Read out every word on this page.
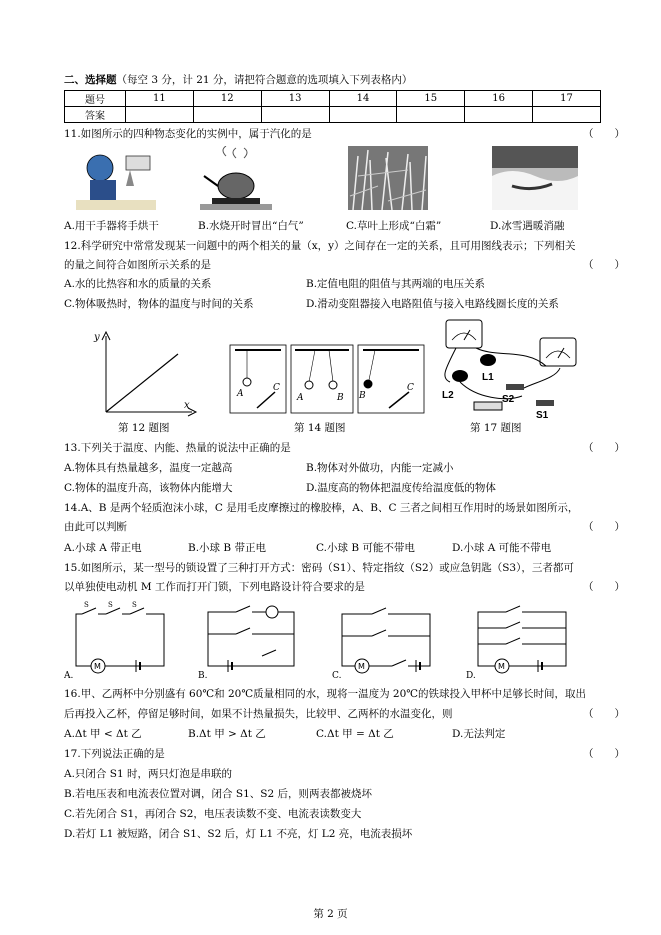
二、选择题（每空 3 分，计 21 分，请把符合题意的选项填入下列表格内）
题号	11	12	13	14	15	16	17
答案							
11.如图所示的四种物态变化的实例中，属于汽化的是	（　　）
A.用干手器将手烘干	B.水烧开时冒出“白气”	C.草叶上形成“白霜”	D.冰雪遇暖消融
12.科学研究中常常发现某一问题中的两个相关的量（x，y）之间存在一定的关系，且可用图线表示；下列相关
的量之间符合如图所示关系的是	（　　）
A.水的比热容和水的质量的关系	B.定值电阻的阻值与其两端的电压关系
C.物体吸热时，物体的温度与时间的关系	D.滑动变阻器接入电路阻值与接入电路线圈长度的关系
y
x
第 12 题图
A
C
A	B B
C
第 14 题图
L2
L1
S2
S1
第 17 题图
13.下列关于温度、内能、热量的说法中正确的是	（　　）
A.物体具有热量越多，温度一定越高	B.物体对外做功，内能一定减小
C.物体的温度升高，该物体内能增大	D.温度高的物体把温度传给温度低的物体
14.A、B 是两个轻质泡沫小球，C 是用毛皮摩擦过的橡胶棒，A、B、C 三者之间相互作用时的场景如图所示，
由此可以判断	（　　）
A.小球 A 带正电	B.小球 B 带正电	C.小球 B 可能不带电	D.小球 A 可能不带电
15.如图所示，某一型号的锁设置了三种打开方式：密码（S1）、特定指纹（S2）或应急钥匙（S3），三者都可
以单独使电动机 M 工作而打开门锁，下列电路设计符合要求的是	（　　）
M
S	S	S
A.	B.
M
C.
M
D.
16.甲、乙两杯中分别盛有 60℃和 20℃质量相同的水，现将一温度为 20℃的铁球投入甲杯中足够长时间，取出
后再投入乙杯，停留足够时间，如果不计热量损失，比较甲、乙两杯的水温变化，则	（　　）
A.Δt 甲 < Δt 乙	B.Δt 甲 > Δt 乙	C.Δt 甲 = Δt 乙	D.无法判定
17.下列说法正确的是	（　　）
A.只闭合 S1 时，两只灯泡是串联的
B.若电压表和电流表位置对调，闭合 S1、S2 后，则两表都被烧坏
C.若先闭合 S1，再闭合 S2，电压表读数不变、电流表读数变大
D.若灯 L1 被短路，闭合 S1、S2 后，灯 L1 不亮，灯 L2 亮，电流表损坏
第 2 页
